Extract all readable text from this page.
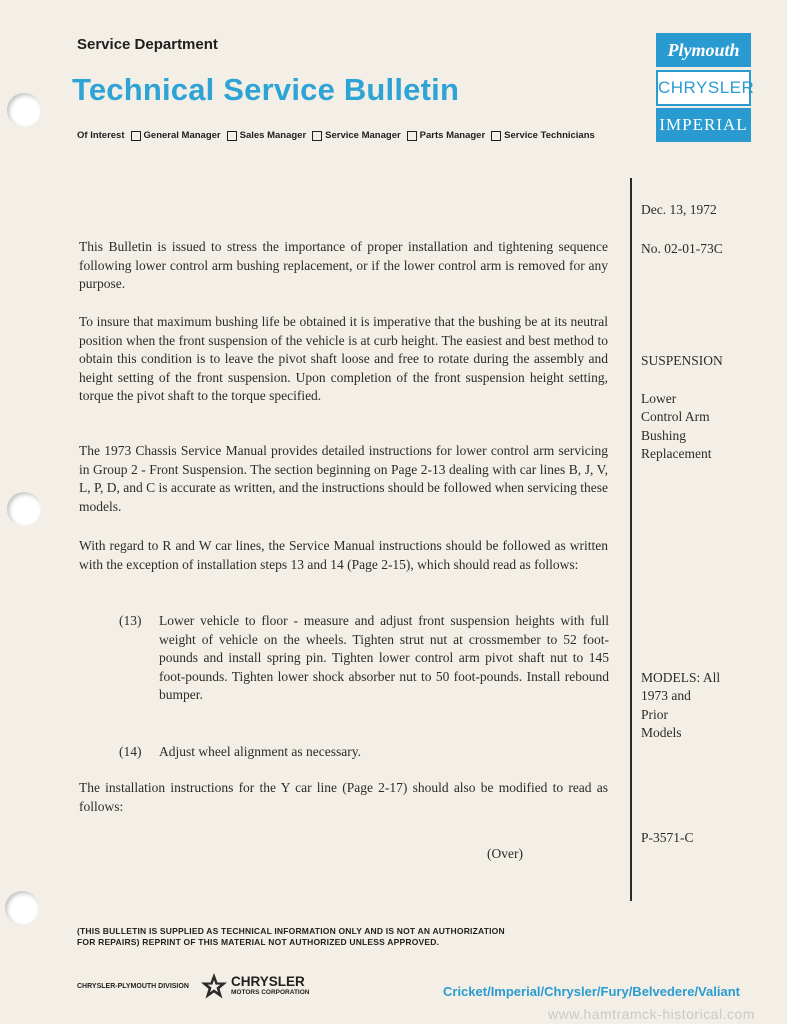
Service Department
Technical Service Bulletin
Of Interest General Manager Sales Manager Service Manager Parts Manager Service Technicians
Plymouth
CHRYSLER
IMPERIAL
Dec. 13, 1972
No. 02-01-73C
SUSPENSION
Lower
Control Arm
Bushing
Replacement
MODELS: All
1973 and
Prior
Models
P-3571-C
This Bulletin is issued to stress the importance of proper installation and tightening sequence following lower control arm bushing replacement, or if the lower control arm is removed for any purpose.
To insure that maximum bushing life be obtained it is imperative that the bushing be at its neutral position when the front suspension of the vehicle is at curb height. The easiest and best method to obtain this condition is to leave the pivot shaft loose and free to rotate during the assembly and height setting of the front suspension. Upon completion of the front suspension height setting, torque the pivot shaft to the torque specified.
The 1973 Chassis Service Manual provides detailed instructions for lower control arm servicing in Group 2 - Front Suspension. The section beginning on Page 2-13 dealing with car lines B, J, V, L, P, D, and C is accurate as written, and the instructions should be followed when servicing these models.
With regard to R and W car lines, the Service Manual instructions should be followed as written with the exception of installation steps 13 and 14 (Page 2-15), which should read as follows:
(13)	Lower vehicle to floor - measure and adjust front suspension heights with full weight of vehicle on the wheels. Tighten strut nut at crossmember to 52 foot-pounds and install spring pin. Tighten lower control arm pivot shaft nut to 145 foot-pounds. Tighten lower shock absorber nut to 50 foot-pounds. Install rebound bumper.
(14)	Adjust wheel alignment as necessary.
The installation instructions for the Y car line (Page 2-17) should also be modified to read as follows:
(Over)
(THIS BULLETIN IS SUPPLIED AS TECHNICAL INFORMATION ONLY AND IS NOT AN AUTHORIZATION
FOR REPAIRS) REPRINT OF THIS MATERIAL NOT AUTHORIZED UNLESS APPROVED.
CHRYSLER-PLYMOUTH DIVISION	CHRYSLER
MOTORS CORPORATION	Cricket/Imperial/Chrysler/Fury/Belvedere/Valiant
www.hamtramck-historical.com
